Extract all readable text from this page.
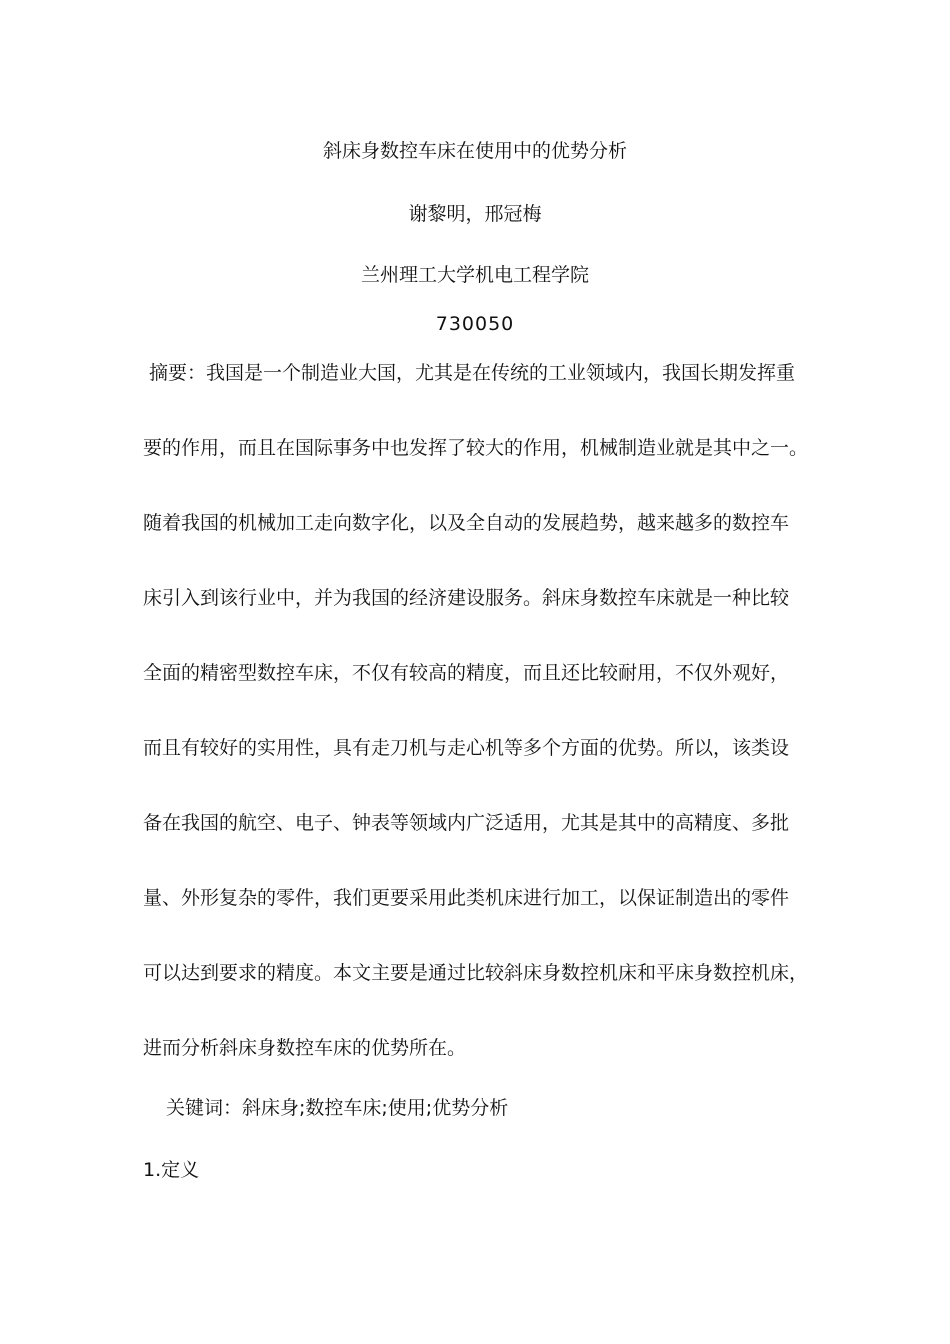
斜床身数控车床在使用中的优势分析
谢黎明，邢冠梅
兰州理工大学机电工程学院
730050
摘要：我国是一个制造业大国，尤其是在传统的工业领域内，我国长期发挥重
要的作用，而且在国际事务中也发挥了较大的作用，机械制造业就是其中之一。
随着我国的机械加工走向数字化，以及全自动的发展趋势，越来越多的数控车
床引入到该行业中，并为我国的经济建设服务。斜床身数控车床就是一种比较
全面的精密型数控车床，不仅有较高的精度，而且还比较耐用，不仅外观好，
而且有较好的实用性，具有走刀机与走心机等多个方面的优势。所以，该类设
备在我国的航空、电子、钟表等领域内广泛适用，尤其是其中的高精度、多批
量、外形复杂的零件，我们更要采用此类机床进行加工，以保证制造出的零件
可以达到要求的精度。本文主要是通过比较斜床身数控机床和平床身数控机床，
进而分析斜床身数控车床的优势所在。
关键词：斜床身;数控车床;使用;优势分析
1.定义
